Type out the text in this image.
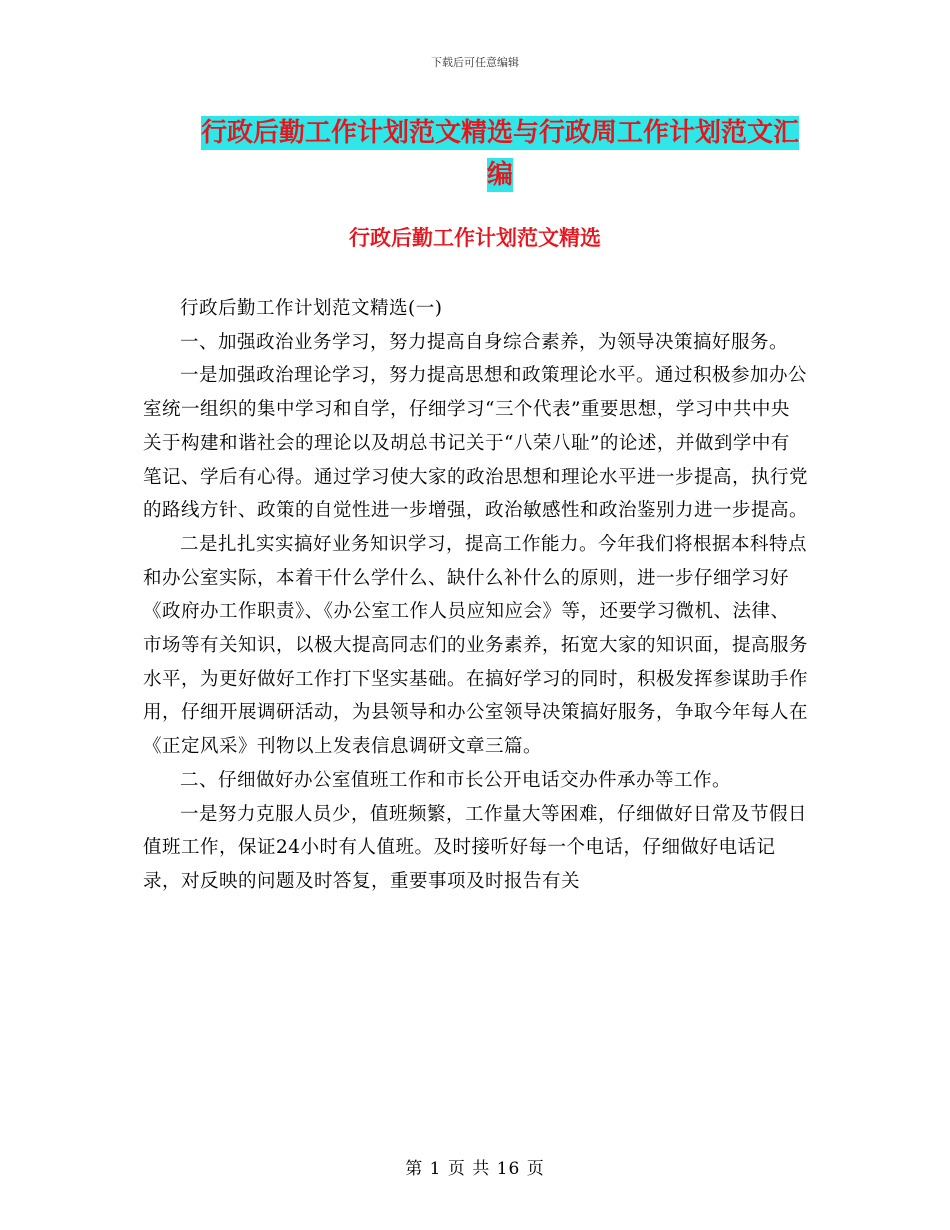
下载后可任意编辑
行政后勤工作计划范文精选与行政周工作计划范文汇
编
行政后勤工作计划范文精选

行政后勤工作计划范文精选(一)

一、加强政治业务学习，努力提高自身综合素养，为领导决策搞好服务。

一是加强政治理论学习，努力提高思想和政策理论水平。通过积极参加办公室统一组织的集中学习和自学，仔细学习“三个代表”重要思想，学习中共中央关于构建和谐社会的理论以及胡总书记关于“八荣八耻”的论述，并做到学中有笔记、学后有心得。通过学习使大家的政治思想和理论水平进一步提高，执行党的路线方针、政策的自觉性进一步增强，政治敏感性和政治鉴别力进一步提高。

二是扎扎实实搞好业务知识学习，提高工作能力。今年我们将根据本科特点和办公室实际，本着干什么学什么、缺什么补什么的原则，进一步仔细学习好《政府办工作职责》、《办公室工作人员应知应会》等，还要学习微机、法律、市场等有关知识，以极大提高同志们的业务素养，拓宽大家的知识面，提高服务水平，为更好做好工作打下坚实基础。在搞好学习的同时，积极发挥参谋助手作用，仔细开展调研活动，为县领导和办公室领导决策搞好服务，争取今年每人在《正定风采》刊物以上发表信息调研文章三篇。

二、仔细做好办公室值班工作和市长公开电话交办件承办等工作。

一是努力克服人员少，值班频繁，工作量大等困难，仔细做好日常及节假日值班工作，保证24小时有人值班。及时接听好每一个电话，仔细做好电话记录，对反映的问题及时答复，重要事项及时报告有关

第 1 页 共 16 页
